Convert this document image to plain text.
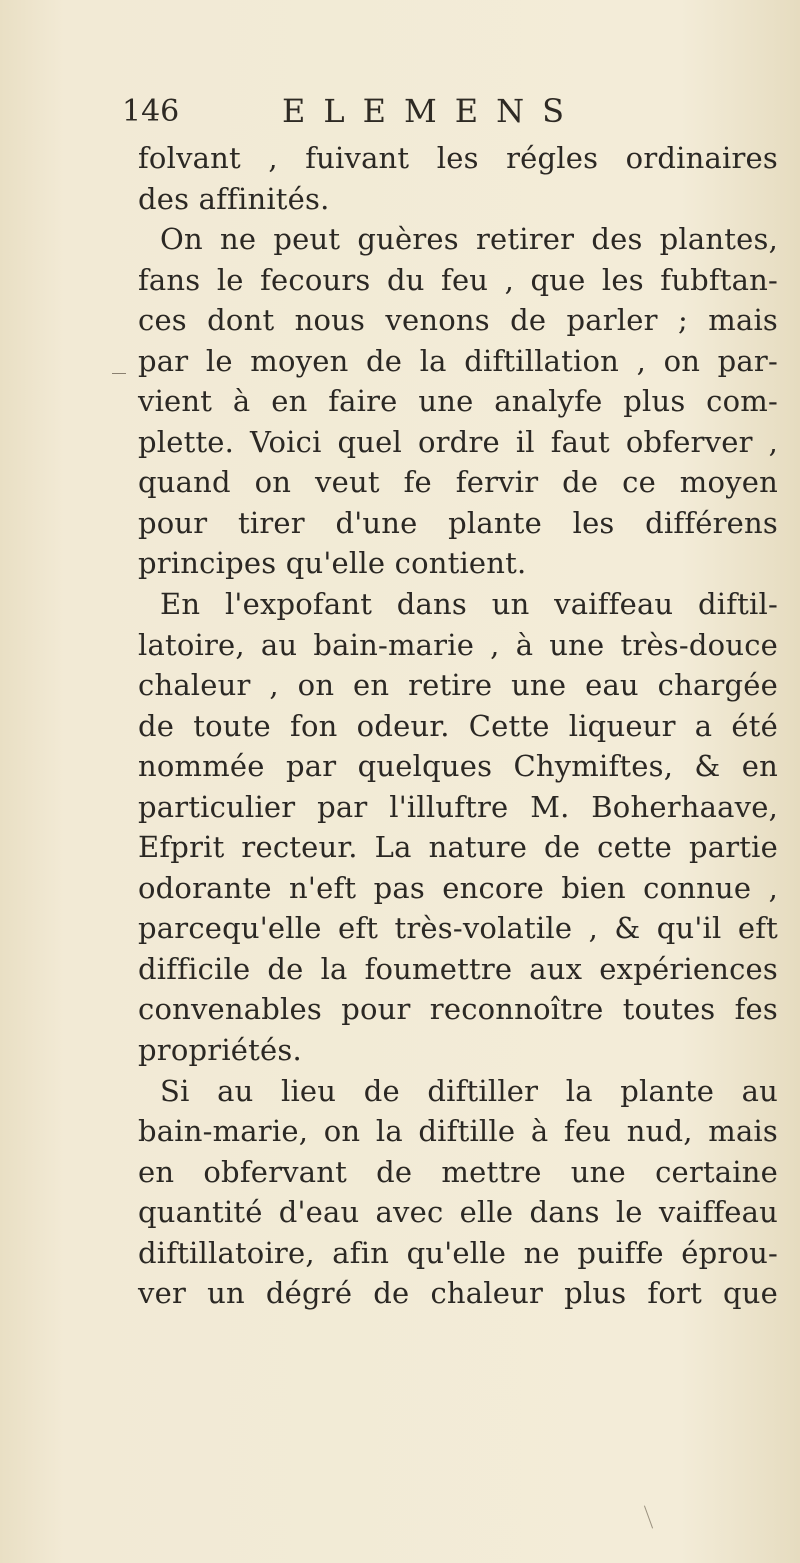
146	ELEMENS
folvant , fuivant les régles ordinaires
des affinités.
On ne peut guères retirer des plantes,
fans le fecours du feu , que les fubftan-
ces dont nous venons de parler ; mais
par le moyen de la diftillation , on par-
vient à en faire une analyfe plus com-
plette. Voici quel ordre il faut obferver ,
quand on veut fe fervir de ce moyen
pour tirer d'une plante les différens
principes qu'elle contient.
En l'expofant dans un vaiffeau diftil-
latoire, au bain-marie , à une très-douce
chaleur , on en retire une eau chargée
de toute fon odeur. Cette liqueur a été
nommée par quelques Chymiftes, & en
particulier par l'illuftre M. Boherhaave,
Efprit recteur. La nature de cette partie
odorante n'eft pas encore bien connue ,
parcequ'elle eft très-volatile , & qu'il eft
difficile de la foumettre aux expériences
convenables pour reconnoître toutes fes
propriétés.
Si au lieu de diftiller la plante au
bain-marie, on la diftille à feu nud, mais
en obfervant de mettre une certaine
quantité d'eau avec elle dans le vaiffeau
diftillatoire, afin qu'elle ne puiffe éprou-
ver un dégré de chaleur plus fort que
